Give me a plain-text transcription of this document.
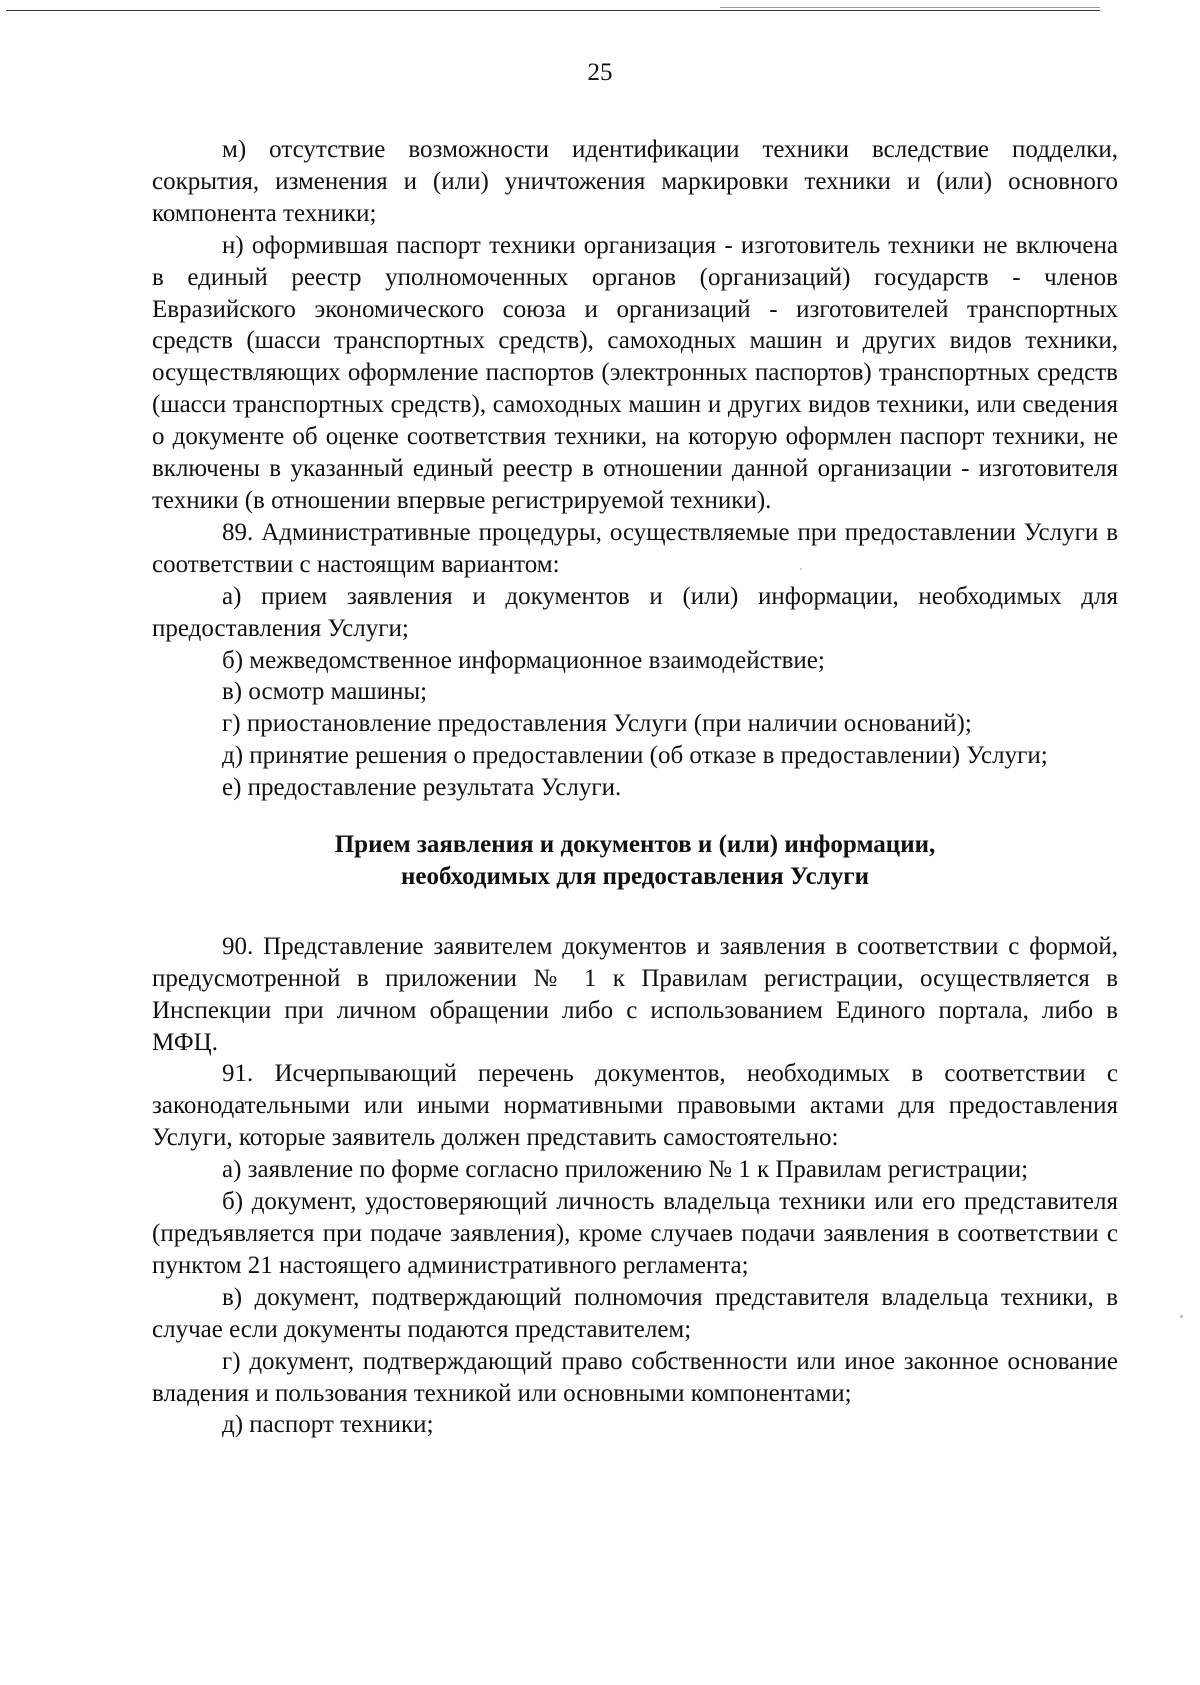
25

м) отсутствие возможности идентификации техники вследствие подделки, сокрытия, изменения и (или) уничтожения маркировки техники и (или) основного компонента техники;

н) оформившая паспорт техники организация - изготовитель техники не включена в единый реестр уполномоченных органов (организаций) государств - членов Евразийского экономического союза и организаций - изготовителей транспортных средств (шасси транспортных средств), самоходных машин и других видов техники, осуществляющих оформление паспортов (электронных паспортов) транспортных средств (шасси транспортных средств), самоходных машин и других видов техники, или сведения о документе об оценке соответствия техники, на которую оформлен паспорт техники, не включены в указанный единый реестр в отношении данной организации - изготовителя техники (в отношении впервые регистрируемой техники).

89. Административные процедуры, осуществляемые при предоставлении Услуги в соответствии с настоящим вариантом:

а) прием заявления и документов и (или) информации, необходимых для предоставления Услуги;

б) межведомственное информационное взаимодействие;

в) осмотр машины;

г) приостановление предоставления Услуги (при наличии оснований);

д) принятие решения о предоставлении (об отказе в предоставлении) Услуги;

е) предоставление результата Услуги.

Прием заявления и документов и (или) информации,

необходимых для предоставления Услуги

90. Представление заявителем документов и заявления в соответствии с формой, предусмотренной в приложении № 1 к Правилам регистрации, осуществляется в Инспекции при личном обращении либо с использованием Единого портала, либо в МФЦ.

91. Исчерпывающий перечень документов, необходимых в соответствии с законодательными или иными нормативными правовыми актами для предоставления Услуги, которые заявитель должен представить самостоятельно:

а) заявление по форме согласно приложению № 1 к Правилам регистрации;

б) документ, удостоверяющий личность владельца техники или его представителя (предъявляется при подаче заявления), кроме случаев подачи заявления в соответствии с пунктом 21 настоящего административного регламента;

в) документ, подтверждающий полномочия представителя владельца техники, в случае если документы подаются представителем;

г) документ, подтверждающий право собственности или иное законное основание владения и пользования техникой или основными компонентами;

д) паспорт техники;
